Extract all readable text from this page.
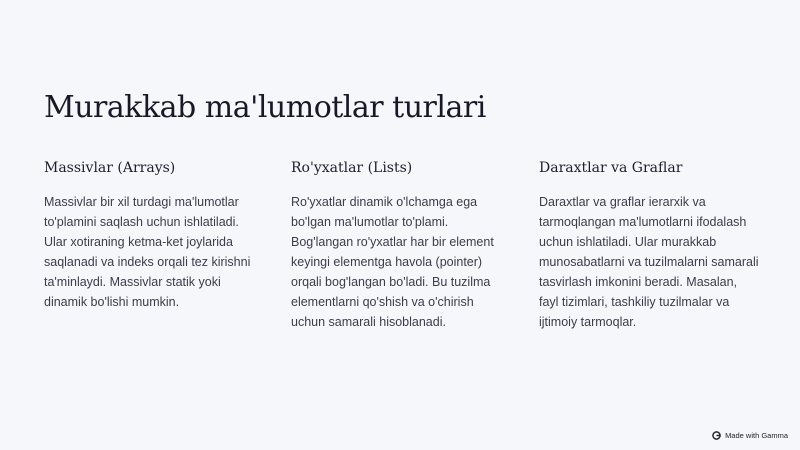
Murakkab ma'lumotlar turlari
Massivlar (Arrays)

Massivlar bir xil turdagi ma'lumotlar to'plamini saqlash uchun ishlatiladi. Ular xotiraning ketma-ket joylarida saqlanadi va indeks orqali tez kirishni ta'minlaydi. Massivlar statik yoki dinamik bo'lishi mumkin.

Ro'yxatlar (Lists)

Ro'yxatlar dinamik o'lchamga ega bo'lgan ma'lumotlar to'plami. Bog'langan ro'yxatlar har bir element keyingi elementga havola (pointer) orqali bog'langan bo'ladi. Bu tuzilma elementlarni qo'shish va o'chirish uchun samarali hisoblanadi.

Daraxtlar va Graflar

Daraxtlar va graflar ierarxik va tarmoqlangan ma'lumotlarni ifodalash uchun ishlatiladi. Ular murakkab munosabatlarni va tuzilmalarni samarali tasvirlash imkonini beradi. Masalan, fayl tizimlari, tashkiliy tuzilmalar va ijtimoiy tarmoqlar.

Made with Gamma
